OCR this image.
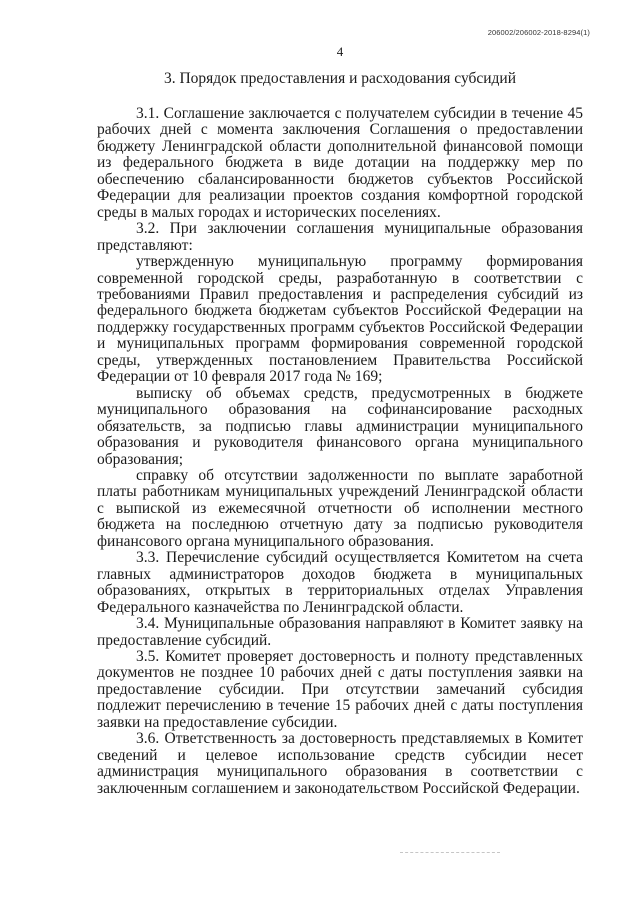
206002/206002-2018-8294(1)
4
3. Порядок предоставления и расходования субсидий

3.1. Соглашение заключается с получателем субсидии в течение 45 рабочих дней с момента заключения Соглашения о предоставлении бюджету Ленинградской области дополнительной финансовой помощи из федерального бюджета в виде дотации на поддержку мер по обеспечению сбалансированности бюджетов субъектов Российской Федерации для реализации проектов создания комфортной городской среды в малых городах и исторических поселениях.

3.2. При заключении соглашения муниципальные образования представляют:

утвержденную муниципальную программу формирования современной городской среды, разработанную в соответствии с требованиями Правил предоставления и распределения субсидий из федерального бюджета бюджетам субъектов Российской Федерации на поддержку государственных программ субъектов Российской Федерации и муниципальных программ формирования современной городской среды, утвержденных постановлением Правительства Российской Федерации от 10 февраля 2017 года № 169;

выписку об объемах средств, предусмотренных в бюджете муниципального образования на софинансирование расходных обязательств, за подписью главы администрации муниципального образования и руководителя финансового органа муниципального образования;

справку об отсутствии задолженности по выплате заработной платы работникам муниципальных учреждений Ленинградской области с выпиской из ежемесячной отчетности об исполнении местного бюджета на последнюю отчетную дату за подписью руководителя финансового органа муниципального образования.

3.3. Перечисление субсидий осуществляется Комитетом на счета главных администраторов доходов бюджета в муниципальных образованиях, открытых в территориальных отделах Управления Федерального казначейства по Ленинградской области.

3.4. Муниципальные образования направляют в Комитет заявку на предоставление субсидий.

3.5. Комитет проверяет достоверность и полноту представленных документов не позднее 10 рабочих дней с даты поступления заявки на предоставление субсидии. При отсутствии замечаний субсидия подлежит перечислению в течение 15 рабочих дней с даты поступления заявки на предоставление субсидии.

3.6. Ответственность за достоверность представляемых в Комитет сведений и целевое использование средств субсидии несет администрация муниципального образования в соответствии с заключенным соглашением и законодательством Российской Федерации.
